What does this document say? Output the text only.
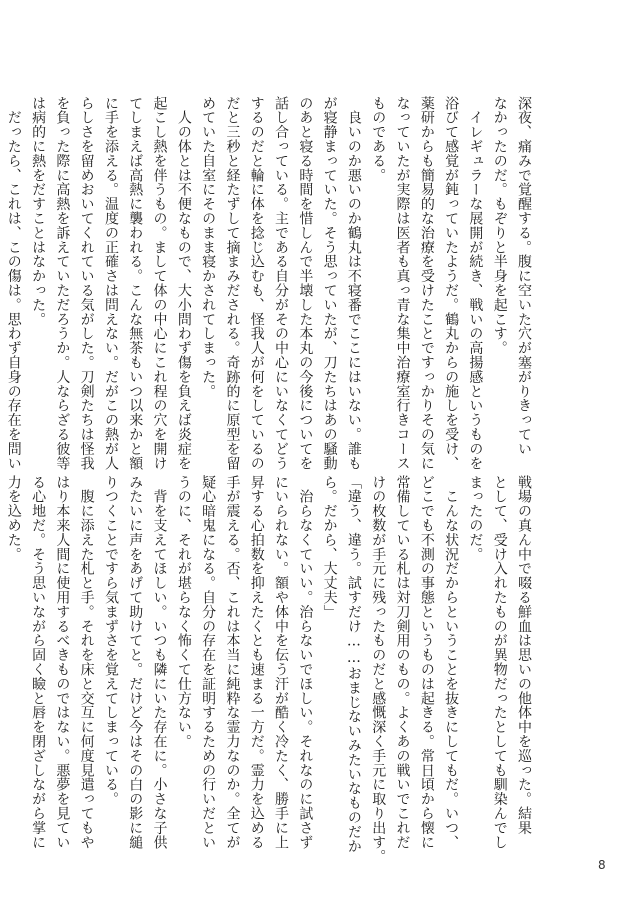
深夜、痛みで覚醒する。腹に空いた穴が塞がりきってい

なかったのだ。もぞりと半身を起こす。

　イレギュラーな展開が続き、戦いの高揚感というものを

浴びて感覚が鈍っていたようだ。鶴丸からの施しを受け、

薬研からも簡易的な治療を受けたことですっかりその気に

なっていたが実際は医者も真っ青な集中治療室行きコース

ものである。

　良いのか悪いのか鶴丸は不寝番でここにはいない。誰も

が寝静まっていた。そう思っていたが、刀たちはあの騒動

のあと寝る時間を惜しんで半壊した本丸の今後についてを

話し合っている。主である自分がその中心にいなくてどう

するのだと輪に体を捻じ込むも、怪我人が何をしているの

だと三秒と経たずして摘まみだされる。奇跡的に原型を留

めていた自室にそのまま寝かされてしまった。

　人の体とは不便なもので、大小問わず傷を負えば炎症を

起こし熱を伴うもの。まして体の中心にこれ程の穴を開け

てしまえば高熱に襲われる。こんな無茶もいつ以来かと額

に手を添える。温度の正確さは問えない。だがこの熱が人

らしさを留めおいてくれている気がした。刀剣たちは怪我

を負った際に高熱を訴えていただろうか。人ならざる彼等

は病的に熱をだすことはなかった。

　だったら、これは、この傷は。思わず自身の存在を問い

戦場の真ん中で啜る鮮血は思いの他体中を巡った。結果

として、受け入れたものが異物だったとしても馴染んでし

まったのだ。

　こんな状況だからということを抜きにしてもだ。いつ、

どこでも不測の事態というものは起きる。常日頃から懐に

常備している札は対刀剣用のもの。よくあの戦いでこれだ

けの枚数が手元に残ったものだと感慨深く手元に取り出す。

「違う、違う。試すだけ……おまじないみたいなものだか

ら。だから、大丈夫」

　治らなくていい。治らないでほしい。それなのに試さず

にいられない。額や体中を伝う汗が酷く冷たく、勝手に上

昇する心拍数を抑えたくとも速まる一方だ。霊力を込める

手が震える。否、これは本当に純粋な霊力なのか。全てが

疑心暗鬼になる。自分の存在を証明するための行いだとい

うのに、それが堪らなく怖くて仕方ない。

　背を支えてほしい。いつも隣にいた存在に。小さな子供

みたいに声をあげて助けてと。だけど今はその白の影に縋

りつくことですら気まずさを覚えてしまっている。

　腹に添えた札と手。それを床と交互に何度見遣ってもや

はり本来人間に使用するべきものではない。悪夢を見てい

る心地だ。そう思いながら固く瞼と唇を閉ざしながら掌に

力を込めた。

8
